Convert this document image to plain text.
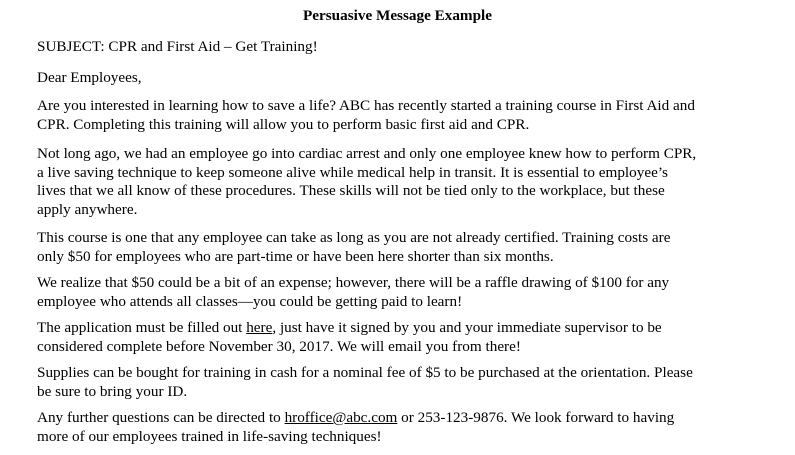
Persuasive Message Example

SUBJECT: CPR and First Aid – Get Training!

Dear Employees,

Are you interested in learning how to save a life? ABC has recently started a training course in First Aid and

CPR. Completing this training will allow you to perform basic first aid and CPR.

Not long ago, we had an employee go into cardiac arrest and only one employee knew how to perform CPR,

a live saving technique to keep someone alive while medical help in transit. It is essential to employee’s

lives that we all know of these procedures. These skills will not be tied only to the workplace, but these

apply anywhere.

This course is one that any employee can take as long as you are not already certified. Training costs are

only $50 for employees who are part-time or have been here shorter than six months.

We realize that $50 could be a bit of an expense; however, there will be a raffle drawing of $100 for any

employee who attends all classes—you could be getting paid to learn!

The application must be filled out here, just have it signed by you and your immediate supervisor to be

considered complete before November 30, 2017. We will email you from there!

Supplies can be bought for training in cash for a nominal fee of $5 to be purchased at the orientation. Please

be sure to bring your ID.

Any further questions can be directed to hroffice@abc.com or 253-123-9876. We look forward to having

more of our employees trained in life-saving techniques!
